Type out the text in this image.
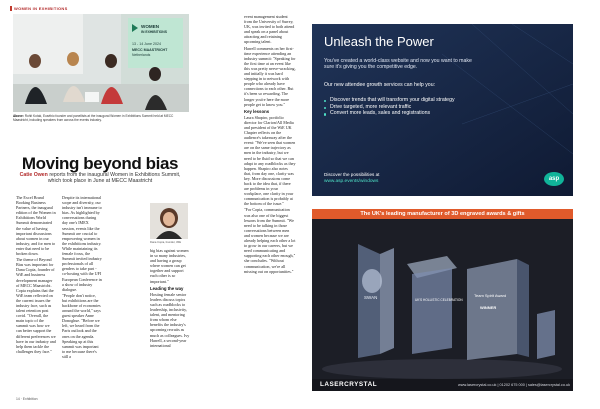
WOMEN IN EXHIBITIONS
WOMEN
IN EXHIBITIONS
13 - 14 June 2024
MECC MAASTRICHT
Netherlands
Above: Rohit Kotak, Eusébio founder and panellists at the inaugural Women in Exhibitions Summit held at MECC Maastricht, including speakers from across the events industry.
Moving beyond bias
Catie Owen reports from the inaugural Women in Exhibitions Summit, which took place in June at MECC Maastricht

The Excel Brand Booking Business Partners, the inaugural edition of the Women in Exhibitions World Summit demonstrated the value of having important discussions about women in our industry, and for men to enter that need to be broken down.

The theme of Beyond Bias was important for Dana Copia, founder of WiE and business development manager of MECC Maastricht. Copia explains that the WiE team reflected on the current issues the industry face, such as talent retention post covid. "Overall, the main topic of the summit was how we can better support the different preferences we have in our industry and help them tackle the challenges they face."

Despite its international scope and diversity, our industry isn't immune to bias. As highlighted by conversations during day one's IMEX session, events like the Summit are crucial to empowering women in the exhibitions industry. While maintaining its female focus, the Summit invited industry professionals of all genders to take part - co-hosting with the UFI European Conference in a show of industry dialogue.

"People don't notice, but exhibitions are the backbone of economies around the world," says guest speaker Anne Donoghue. "Before we left, we heard from the Paris outlook and the ones on the agenda. Speaking up at this summit was important to me because there's still a

Dana Copia, founder, WiE

big bias against women in so many industries, and having a group where women can get together and support each other is so important."

Leading the way

Hosting female senior leaders discuss topics such as roadblocks to leadership, inclusivity, talent, and mentoring from whom else benefits the industry's upcoming recruits as much as colleagues. Ivy Harrell, a second-year international

event management student from the University of Surrey, UK, was invited to both attend and speak on a panel about attracting and retaining upcoming talent.

Harrell comments on her first-time experience attending an industry summit: "Speaking for the first time at an event like this was pretty nerve-wracking, and initially it was hard stepping in to network with people who already have connections to each other. But it's been so rewarding. The longer you're here the more people get to know you."

Key lessons

Laura Shapiro, portfolio director for Clarion/All Media and president of the WiE UK Chapter reflects on the audience's takeaway after the event: "We've seen that women are on the same trajectory as men in the industry, but we need to be fluid so that we can adapt to any roadblocks as they happen. Shapiro also notes that, from day one, clarity was key. More discussions come back to the idea that, if there are problems in your workplace, one clarity in your communication is probably at the bottom of the issue."

"For Copia, communication was also one of the biggest lessons from the Summit. "We need to be talking in those conversations between men and women because we are already helping each other a lot to grow in our careers, but we need communicating and supporting each other enough," she concludes. "Without communication, we're all missing out on opportunities."

14 · Exhibition
Unleash the Power
You've created a world-class website and now you want to make sure it's giving you the competitive edge.
Our new attendee growth services can help you:
Discover trends that will transform your digital strategy
Drive targeted, more relevant traffic
Convert more leads, sales and registrations
Discover the possibilities at
www.asp.events/windows	asp
The UK's leading manufacturer of 3D engraved awards & gifts
SWAN	UK'S HOLLISTIC CELEBRATION
Team Spirit Award
WINNER
LASERCRYSTAL	www.lasercrystal.co.uk | 01202 675 000 | sales@lasercrystal.co.uk
